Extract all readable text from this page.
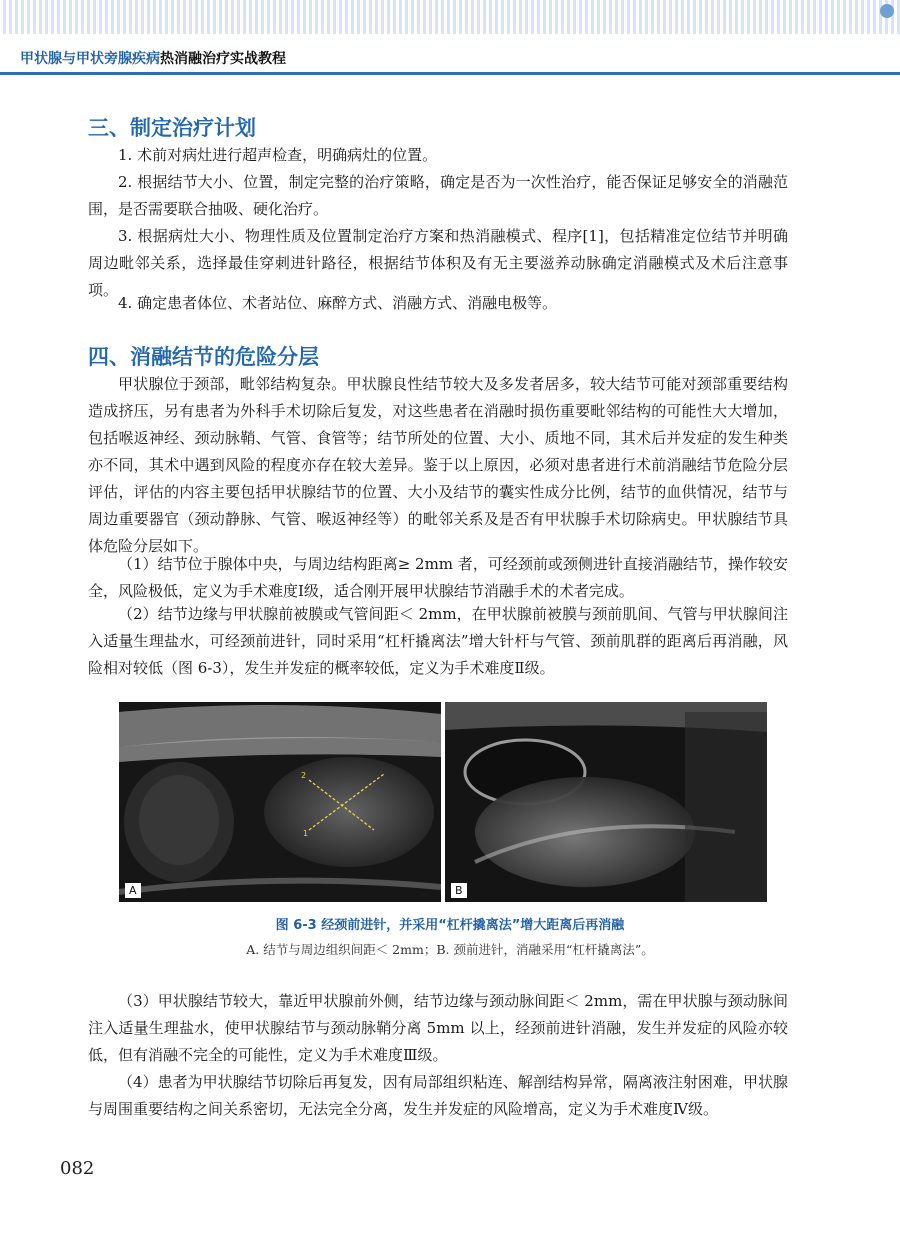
甲状腺与甲状旁腺疾病热消融治疗实战教程
三、制定治疗计划
1. 术前对病灶进行超声检查，明确病灶的位置。
2. 根据结节大小、位置，制定完整的治疗策略，确定是否为一次性治疗，能否保证足够安全的消融范围，是否需要联合抽吸、硬化治疗。
3. 根据病灶大小、物理性质及位置制定治疗方案和热消融模式、程序[1]，包括精准定位结节并明确周边毗邻关系，选择最佳穿刺进针路径，根据结节体积及有无主要滋养动脉确定消融模式及术后注意事项。
4. 确定患者体位、术者站位、麻醉方式、消融方式、消融电极等。
四、消融结节的危险分层
甲状腺位于颈部，毗邻结构复杂。甲状腺良性结节较大及多发者居多，较大结节可能对颈部重要结构造成挤压，另有患者为外科手术切除后复发，对这些患者在消融时损伤重要毗邻结构的可能性大大增加，包括喉返神经、颈动脉鞘、气管、食管等；结节所处的位置、大小、质地不同，其术后并发症的发生种类亦不同，其术中遇到风险的程度亦存在较大差异。鉴于以上原因，必须对患者进行术前消融结节危险分层评估，评估的内容主要包括甲状腺结节的位置、大小及结节的囊实性成分比例，结节的血供情况，结节与周边重要器官（颈动静脉、气管、喉返神经等）的毗邻关系及是否有甲状腺手术切除病史。甲状腺结节具体危险分层如下。
（1）结节位于腺体中央，与周边结构距离≥ 2mm 者，可经颈前或颈侧进针直接消融结节，操作较安全，风险极低，定义为手术难度Ⅰ级，适合刚开展甲状腺结节消融手术的术者完成。
（2）结节边缘与甲状腺前被膜或气管间距＜ 2mm，在甲状腺前被膜与颈前肌间、气管与甲状腺间注入适量生理盐水，可经颈前进针，同时采用“杠杆撬离法”增大针杆与气管、颈前肌群的距离后再消融，风险相对较低（图 6-3），发生并发症的概率较低，定义为手术难度Ⅱ级。
2
1
A	B
图 6-3 经颈前进针，并采用“杠杆撬离法”增大距离后再消融
A. 结节与周边组织间距＜ 2mm；B. 颈前进针，消融采用“杠杆撬离法”。
（3）甲状腺结节较大，靠近甲状腺前外侧，结节边缘与颈动脉间距＜ 2mm，需在甲状腺与颈动脉间注入适量生理盐水，使甲状腺结节与颈动脉鞘分离 5mm 以上，经颈前进针消融，发生并发症的风险亦较低，但有消融不完全的可能性，定义为手术难度Ⅲ级。
（4）患者为甲状腺结节切除后再复发，因有局部组织粘连、解剖结构异常，隔离液注射困难，甲状腺与周围重要结构之间关系密切，无法完全分离，发生并发症的风险增高，定义为手术难度Ⅳ级。
082
